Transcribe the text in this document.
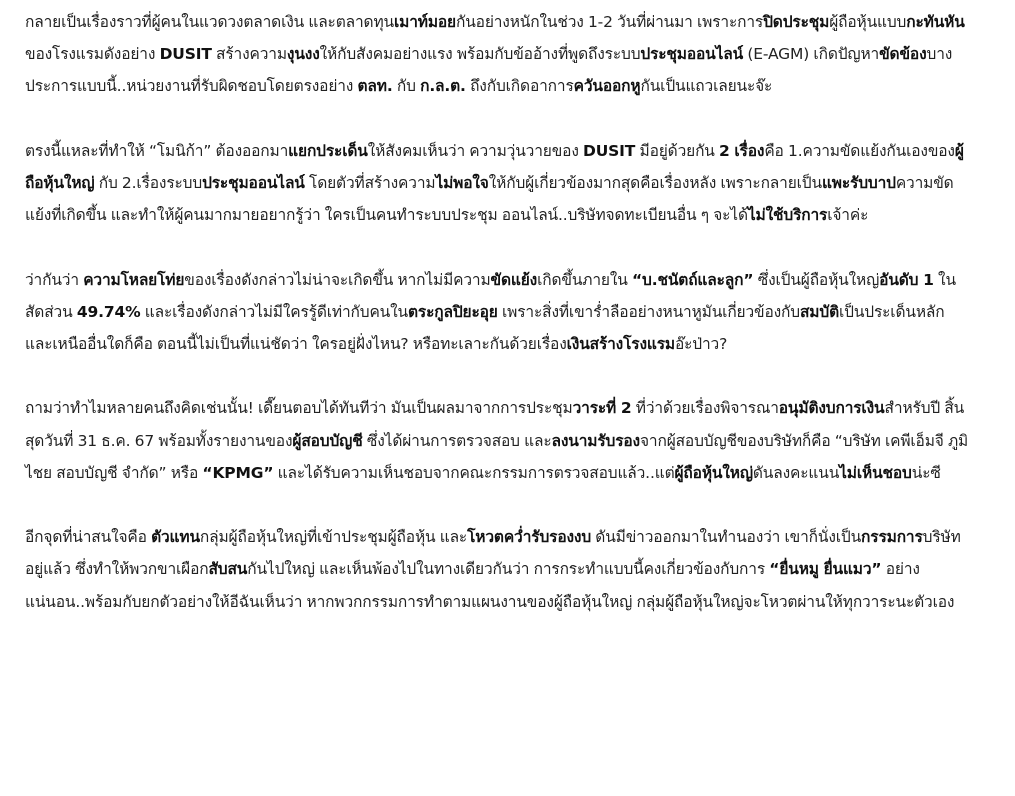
กลายเป็นเรื่องราวที่ผู้คนในแวดวงตลาดเงิน และตลาดทุนเมาท์มอยกันอย่างหนักในช่วง 1-2 วันที่ผ่านมา เพราะการปิดประชุมผู้ถือหุ้นแบบกะทันหันของโรงแรมดังอย่าง DUSIT สร้างความงุนงงให้กับสังคมอย่างแรง พร้อมกับข้ออ้างที่พูดถึงระบบประชุมออนไลน์ (E-AGM) เกิดปัญหาขัดข้องบางประการแบบนี้..หน่วยงานที่รับผิดชอบโดยตรงอย่าง ตลท. กับ ก.ล.ต. ถึงกับเกิดอาการควันออกหูกันเป็นแถวเลยนะจ๊ะ

ตรงนี้แหละที่ทำให้ “โมนิก้า” ต้องออกมาแยกประเด็นให้สังคมเห็นว่า ความวุ่นวายของ DUSIT มีอยู่ด้วยกัน 2 เรื่องคือ 1.ความขัดแย้งกันเองของผู้ถือหุ้นใหญ่ กับ 2.เรื่องระบบประชุมออนไลน์ โดยตัวที่สร้างความไม่พอใจให้กับผู้เกี่ยวข้องมากสุดคือเรื่องหลัง เพราะกลายเป็นแพะรับบาปความขัดแย้งที่เกิดขึ้น และทำให้ผู้คนมากมายอยากรู้ว่า ใครเป็นคนทำระบบประชุม ออนไลน์..บริษัทจดทะเบียนอื่น ๆ จะได้ไม่ใช้บริการเจ้าค่ะ

ว่ากันว่า ความโหลยโท่ยของเรื่องดังกล่าวไม่น่าจะเกิดขึ้น หากไม่มีความขัดแย้งเกิดขึ้นภายใน “บ.ชนัตถ์และลูก” ซึ่งเป็นผู้ถือหุ้นใหญ่อันดับ 1 ในสัดส่วน 49.74% และเรื่องดังกล่าวไม่มีใครรู้ดีเท่ากับคนในตระกูลปิยะอุย เพราะสิ่งที่เขาร่ำลืออย่างหนาหูมันเกี่ยวข้องกับสมบัติเป็นประเด็นหลัก และเหนืออื่นใดก็คือ ตอนนี้ไม่เป็นที่แน่ชัดว่า ใครอยู่ฝั่งไหน? หรือทะเลาะกันด้วยเรื่องเงินสร้างโรงแรมอ๊ะป่าว?

ถามว่าทำไมหลายคนถึงคิดเช่นนั้น! เดี๊ยนตอบได้ทันทีว่า มันเป็นผลมาจากการประชุมวาระที่ 2 ที่ว่าด้วยเรื่องพิจารณาอนุมัติงบการเงินสำหรับปี สิ้นสุดวันที่ 31 ธ.ค. 67 พร้อมทั้งรายงานของผู้สอบบัญชี ซึ่งได้ผ่านการตรวจสอบ และลงนามรับรองจากผู้สอบบัญชีของบริษัทก็คือ “บริษัท เคพีเอ็มจี ภูมิไชย สอบบัญชี จำกัด” หรือ “KPMG” และได้รับความเห็นชอบจากคณะกรรมการตรวจสอบแล้ว..แต่ผู้ถือหุ้นใหญ่ดันลงคะแนนไม่เห็นชอบน่ะซี

อีกจุดที่น่าสนใจคือ ตัวแทนกลุ่มผู้ถือหุ้นใหญ่ที่เข้าประชุมผู้ถือหุ้น และโหวตคว่ำรับรองงบ ดันมีข่าวออกมาในทำนองว่า เขาก็นั่งเป็นกรรมการบริษัทอยู่แล้ว ซึ่งทำให้พวกขาเผือกสับสนกันไปใหญ่ และเห็นพ้องไปในทางเดียวกันว่า การกระทำแบบนี้คงเกี่ยวข้องกับการ “ยื่นหมู ยื่นแมว” อย่างแน่นอน..พร้อมกับยกตัวอย่างให้อีฉันเห็นว่า หากพวกกรรมการทำตามแผนงานของผู้ถือหุ้นใหญ่ กลุ่มผู้ถือหุ้นใหญ่จะโหวตผ่านให้ทุกวาระนะตัวเอง
